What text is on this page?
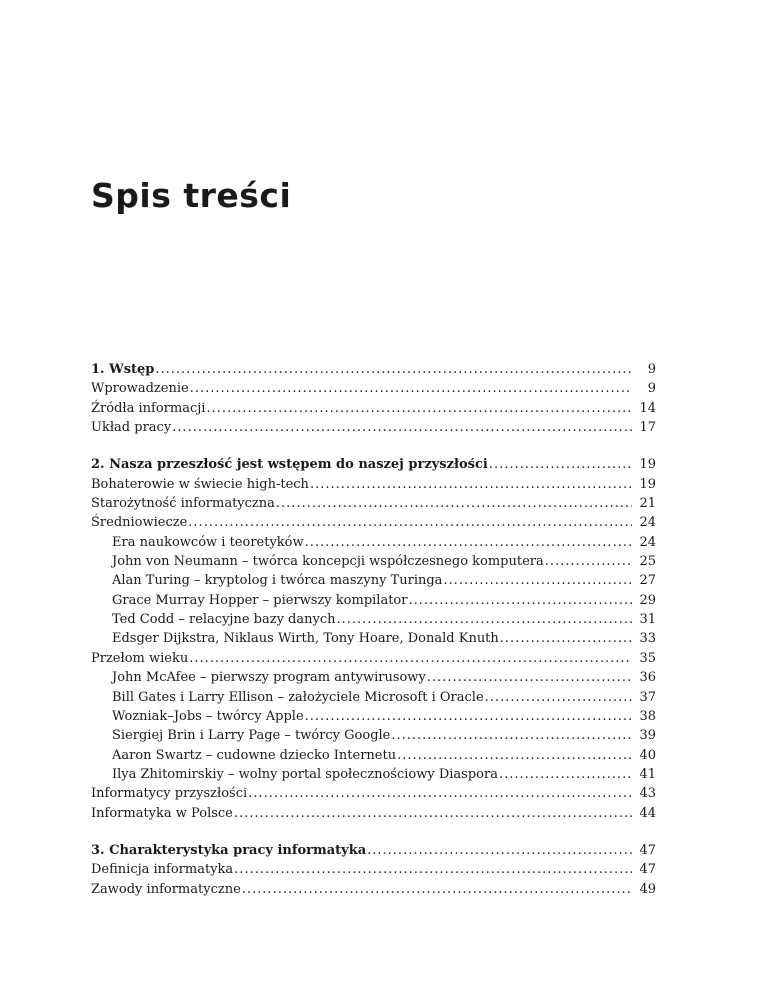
Spis treści
1. Wstęp .....	9
Wprowadzenie .....	9
Źródła informacji .....	14
Układ pracy .....	17
2. Nasza przeszłość jest wstępem do naszej przyszłości .....	19
Bohaterowie w świecie high-tech .....	19
Starożytność informatyczna .....	21
Średniowiecze .....	24
Era naukowców i teoretyków .....	24
John von Neumann – twórca koncepcji współczesnego komputera .....	25
Alan Turing – kryptolog i twórca maszyny Turinga .....	27
Grace Murray Hopper – pierwszy kompilator .....	29
Ted Codd – relacyjne bazy danych .....	31
Edsger Dijkstra, Niklaus Wirth, Tony Hoare, Donald Knuth .....	33
Przełom wieku .....	35
John McAfee – pierwszy program antywirusowy .....	36
Bill Gates i Larry Ellison – założyciele Microsoft i Oracle .....	37
Wozniak–Jobs – twórcy Apple .....	38
Siergiej Brin i Larry Page – twórcy Google .....	39
Aaron Swartz – cudowne dziecko Internetu .....	40
Ilya Zhitomirskiy – wolny portal społecznościowy Diaspora .....	41
Informatycy przyszłości .....	43
Informatyka w Polsce .....	44
3. Charakterystyka pracy informatyka .....	47
Definicja informatyka .....	47
Zawody informatyczne .....	49
